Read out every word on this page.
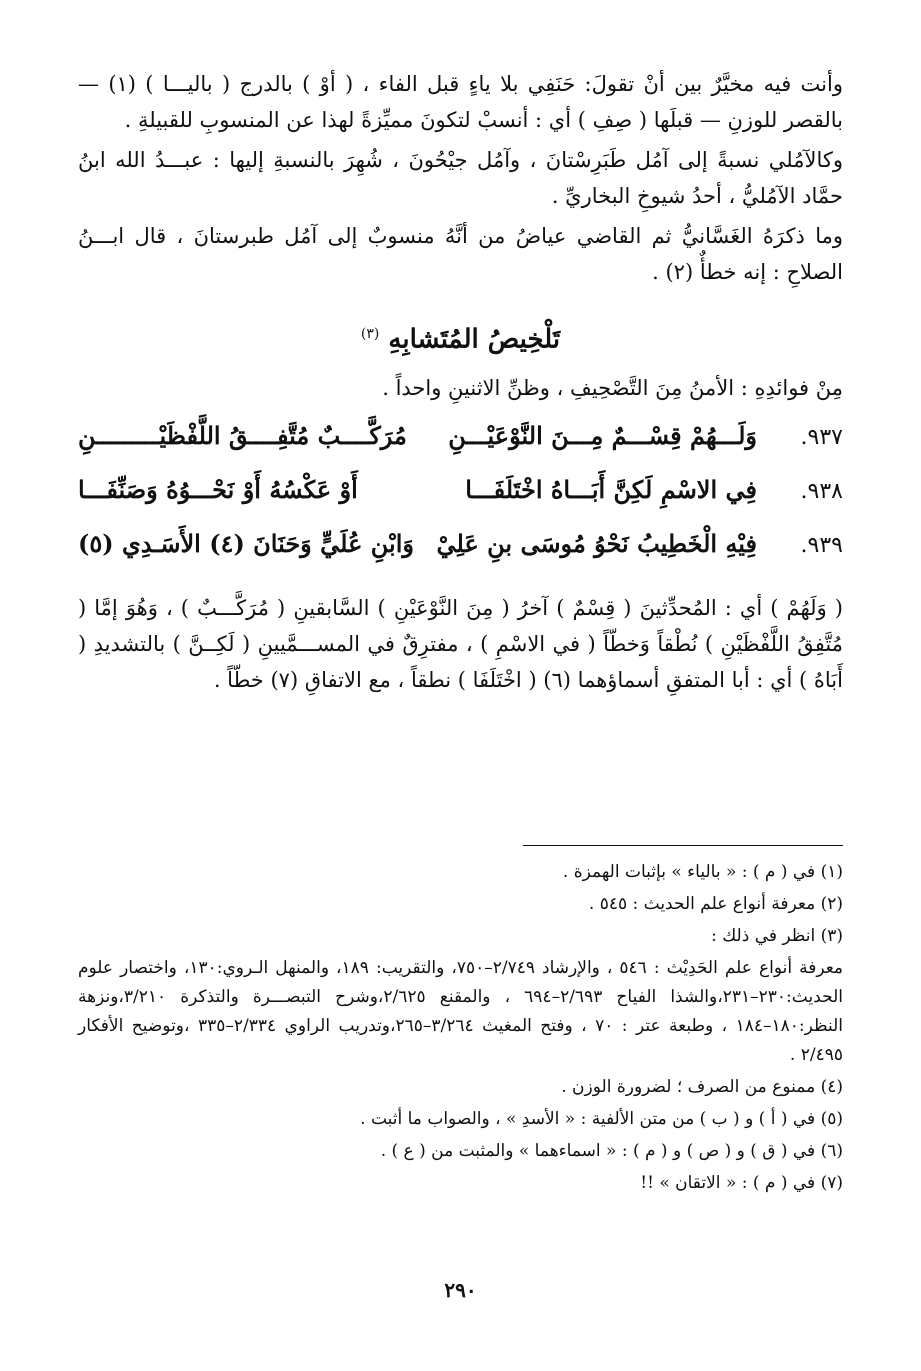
وأنت فيه مخيَّرٌ بين أنْ تقولَ: حَنَفِي بلا ياءٍ قبل الفاء ، ( أوْ ) بالدرج ( باليـــا ) (١) — بالقصر للوزنِ — قبلَها ( صِفِ ) أي : أنسبْ لتكونَ مميِّزةً لهذا عن المنسوبِ للقبيلةِ .

وكالآمُلي نسبةً إلى آمُل طَبَرِسْتانَ ، وآمُل جيْحُونَ ، شُهِرَ بالنسبةِ إليها : عبـــدُ الله ابنُ حمَّاد الآمُليُّ ، أحدُ شيوخِ البخاريِّ .

وما ذكرَهُ الغَسَّانيُّ ثم القاضي عياضُ من أنَّهُ منسوبٌ إلى آمُل طبرستانَ ، قال ابـــنُ الصلاحِ : إنه خطأٌ (٢) .

تَلْخِيصُ المُتَشابِهِ $^{(٣)}$

مِنْ فوائدِهِ : الأمنُ مِنَ التَّصْحِيفِ ، وظنِّ الاثنينِ واحداً .

٩٣٧.
وَلَـــهُمْ قِسْـــمٌ مِـــنَ النَّوْعَيْـــنِ
مُرَكَّــــبٌ مُتَّفِــــقُ اللَّفْظَيْـــــــــنِ
٩٣٨.
فِي الاسْمِ لَكِنَّ أَبَـــاهُ اخْتَلَفَـــا
أَوْ عَكْسُهُ أَوْ نَحْـــوُهُ وَصَنِّفَـــا
٩٣٩.
فِيْهِ الْخَطِيبُ نَحْوُ مُوسَى بنِ عَلِيْ
وَابْنِ عُلَيٍّ وَحَنَانَ (٤) الأَسَـدِي (٥)

( وَلَهُمْ ) أي : المُحدِّثينَ ( قِسْمٌ ) آخرُ ( مِنَ النَّوْعَيْنِ ) السَّابقينِ ( مُرَكَّـــبٌ ) ، وَهُوَ إمَّا ( مُتَّفِقُ اللَّفْظَيْنِ ) نُطْقاً وَخطّاً ( في الاسْمِ ) ، مفترِقٌ في المســـمَّيينِ ( لَكِــنَّ ) بالتشديدِ ( أَبَاهُ ) أي : أبا المتفقِ أسماؤهما (٦) ( اخْتَلَفَا ) نطقاً ، مع الاتفاقِ (٧) خطّاً .

(١) في ( م ) : « بالياء » بإثبات الهمزة .

(٢) معرفة أنواع علم الحديث : ٥٤٥ .

(٣) انظر في ذلك :

معرفة أنواع علم الحَدِيْث : ٥٤٦ ، والإرشاد ٢/٧٤٩–٧٥٠، والتقريب: ١٨٩، والمنهل الـروي:١٣٠، واختصار علوم الحديث:٢٣٠–٢٣١،والشذا الفياح ٢/٦٩٣–٦٩٤ ، والمقنع ٢/٦٢٥،وشرح التبصـــرة والتذكرة ٣/٢١٠،ونزهة النظر:١٨٠–١٨٤ ، وطبعة عتر : ٧٠ ، وفتح المغيث ٣/٢٦٤–٢٦٥،وتدريب الراوي ٢/٣٣٤–٣٣٥ ،وتوضيح الأفكار ٢/٤٩٥ .

(٤) ممنوع من الصرف ؛ لضرورة الوزن .

(٥) في ( أ ) و ( ب ) من متن الألفية : « الأسدِ » ، والصواب ما أثبت .

(٦) في ( ق ) و ( ص ) و ( م ) : « اسماءهما » والمثبت من ( ع ) .

(٧) في ( م ) : « الاتقان » !!

٢٩٠
